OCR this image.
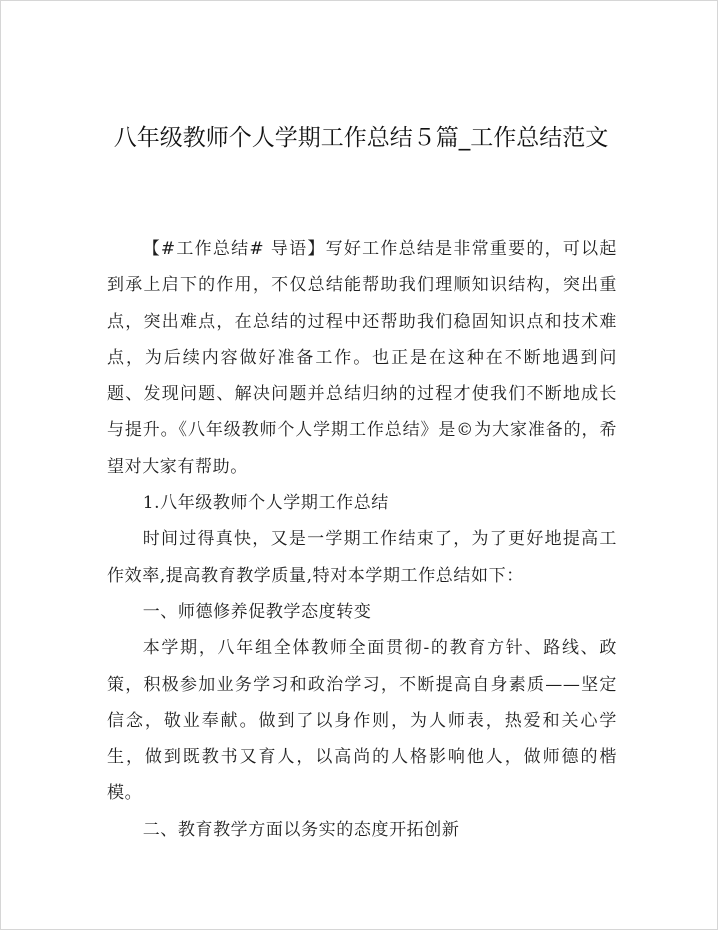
八年级教师个人学期工作总结５篇_工作总结范文

【#工作总结# 导语】写好工作总结是非常重要的，可以起到承上启下的作用，不仅总结能帮助我们理顺知识结构，突出重点，突出难点，在总结的过程中还帮助我们稳固知识点和技术难点，为后续内容做好准备工作。也正是在这种在不断地遇到问题、发现问题、解决问题并总结归纳的过程才使我们不断地成长与提升。《八年级教师个人学期工作总结》是©为大家准备的，希望对大家有帮助。

1.八年级教师个人学期工作总结

时间过得真快，又是一学期工作结束了，为了更好地提高工作效率,提高教育教学质量,特对本学期工作总结如下：

一、师德修养促教学态度转变

本学期，八年组全体教师全面贯彻-的教育方针、路线、政策，积极参加业务学习和政治学习，不断提高自身素质——坚定信念，敬业奉献。做到了以身作则，为人师表，热爱和关心学生，做到既教书又育人，以高尚的人格影响他人，做师德的楷模。

二、教育教学方面以务实的态度开拓创新
